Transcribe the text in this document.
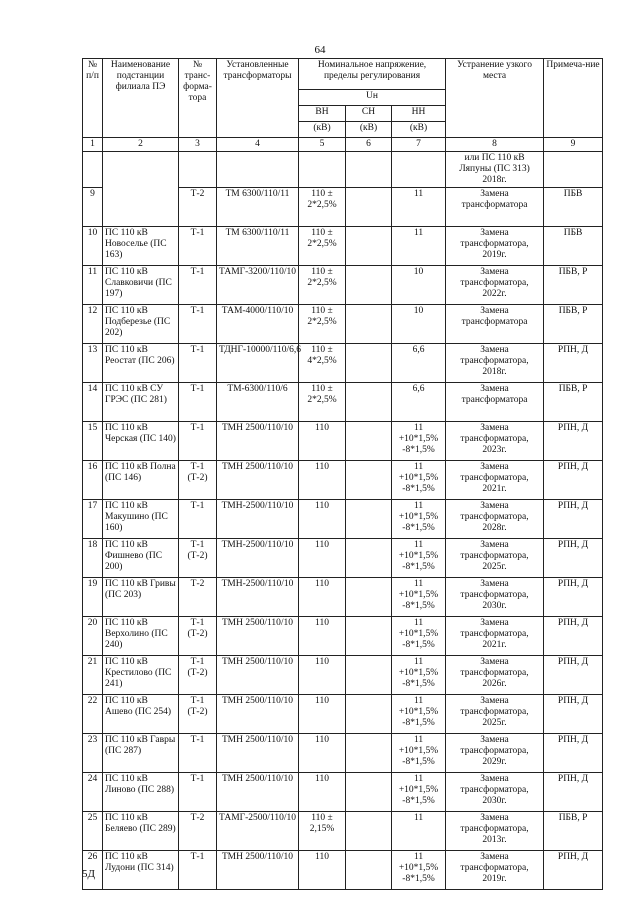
64
№ п/п	Наименование подстанции филиала ПЭ	№ транс-форма-тора	Установленные трансформаторы	Номинальное напряжение, пределы регулирования			Устранение узкого места	Примеча-ние
				Uн				
				ВН	СН	НН		
				(кВ)	(кВ)	(кВ)		
1	2	3	4	5	6	7	8	9
							или ПС 110 кВ Ляпуны (ПС 313) 2018г.	
9		Т-2	ТМ 6300/110/11	110 ± 2*2,5%		11	Замена трансформатора	ПБВ
10	ПС 110 кВ Новоселье (ПС 163)	Т-1	ТМ 6300/110/11	110 ± 2*2,5%		11	Замена трансформатора, 2019г.	ПБВ
11	ПС 110 кВ Славковичи (ПС 197)	Т-1	ТАМГ-3200/110/10	110 ± 2*2,5%		10	Замена трансформатора, 2022г.	ПБВ, Р
12	ПС 110 кВ Подберезье (ПС 202)	Т-1	ТАМ-4000/110/10	110 ± 2*2,5%		10	Замена трансформатора	ПБВ, Р
13	ПС 110 кВ Реостат (ПС 206)	Т-1	ТДНГ-10000/110/6,6	110 ± 4*2,5%		6,6	Замена трансформатора, 2018г.	РПН, Д
14	ПС 110 кВ СУ ГРЭС (ПС 281)	Т-1	ТМ-6300/110/6	110 ± 2*2,5%		6,6	Замена трансформатора	ПБВ, Р
15	ПС 110 кВ Черская (ПС 140)	Т-1	ТМН 2500/110/10	110		11 +10*1,5% -8*1,5%	Замена трансформатора, 2023г.	РПН, Д
16	ПС 110 кВ Полна (ПС 146)	Т-1 (Т-2)	ТМН 2500/110/10	110		11 +10*1,5% -8*1,5%	Замена трансформатора, 2021г.	РПН, Д
17	ПС 110 кВ Макушино (ПС 160)	Т-1	ТМН-2500/110/10	110		11 +10*1,5% -8*1,5%	Замена трансформатора, 2028г.	РПН, Д
18	ПС 110 кВ Фишнево (ПС 200)	Т-1 (Т-2)	ТМН-2500/110/10	110		11 +10*1,5% -8*1,5%	Замена трансформатора, 2025г.	РПН, Д
19	ПС 110 кВ Гривы (ПС 203)	Т-2	ТМН-2500/110/10	110		11 +10*1,5% -8*1,5%	Замена трансформатора, 2030г.	РПН, Д
20	ПС 110 кВ Верхолино (ПС 240)	Т-1 (Т-2)	ТМН 2500/110/10	110		11 +10*1,5% -8*1,5%	Замена трансформатора, 2021г.	РПН, Д
21	ПС 110 кВ Крестилово (ПС 241)	Т-1 (Т-2)	ТМН 2500/110/10	110		11 +10*1,5% -8*1,5%	Замена трансформатора, 2026г.	РПН, Д
22	ПС 110 кВ Ашево (ПС 254)	Т-1 (Т-2)	ТМН 2500/110/10	110		11 +10*1,5% -8*1,5%	Замена трансформатора, 2025г.	РПН, Д
23	ПС 110 кВ Гавры (ПС 287)	Т-1	ТМН 2500/110/10	110		11 +10*1,5% -8*1,5%	Замена трансформатора, 2029г.	РПН, Д
24	ПС 110 кВ Линово (ПС 288)	Т-1	ТМН 2500/110/10	110		11 +10*1,5% -8*1,5%	Замена трансформатора, 2030г.	РПН, Д
25	ПС 110 кВ Беляево (ПС 289)	Т-2	ТАМГ-2500/110/10	110 ± 2,15%		11	Замена трансформатора, 2013г.	ПБВ, Р
26	ПС 110 кВ Лудони (ПС 314)	Т-1	ТМН 2500/110/10	110		11 +10*1,5% -8*1,5%	Замена трансформатора, 2019г.	РПН, Д
5Д
